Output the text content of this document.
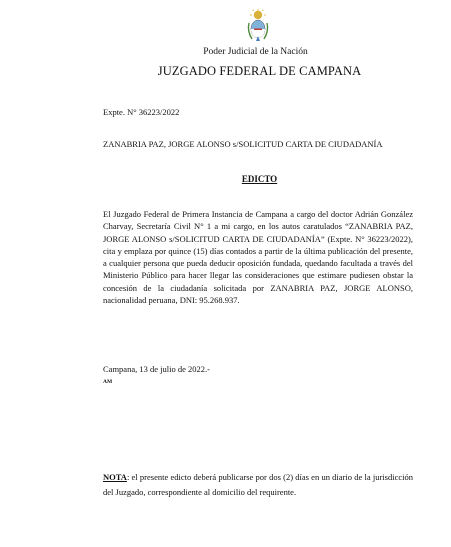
Poder Judicial de la Nación
JUZGADO FEDERAL DE CAMPANA
Expte. N° 36223/2022
ZANABRIA PAZ, JORGE ALONSO s/SOLICITUD CARTA DE CIUDADANÍA
EDICTO
El Juzgado Federal de Primera Instancia de Campana a cargo del doctor Adrián González Charvay, Secretaría Civil N° 1 a mi cargo, en los autos caratulados “ZANABRIA PAZ, JORGE ALONSO s/SOLICITUD CARTA DE CIUDADANÍA” (Expte. N° 36223/2022), cita y emplaza por quince (15) días contados a partir de la última publicación del presente, a cualquier persona que pueda deducir oposición fundada, quedando facultada a través del Ministerio Público para hacer llegar las consideraciones que estimare pudiesen obstar la concesión de la ciudadanía solicitada por ZANABRIA PAZ, JORGE ALONSO, nacionalidad peruana, DNI: 95.268.937.
Campana, 13 de julio de 2022.-
AM
NOTA: el presente edicto deberá publicarse por dos (2) días en un diario de la jurisdicción del Juzgado, correspondiente al domicilio del requirente.
